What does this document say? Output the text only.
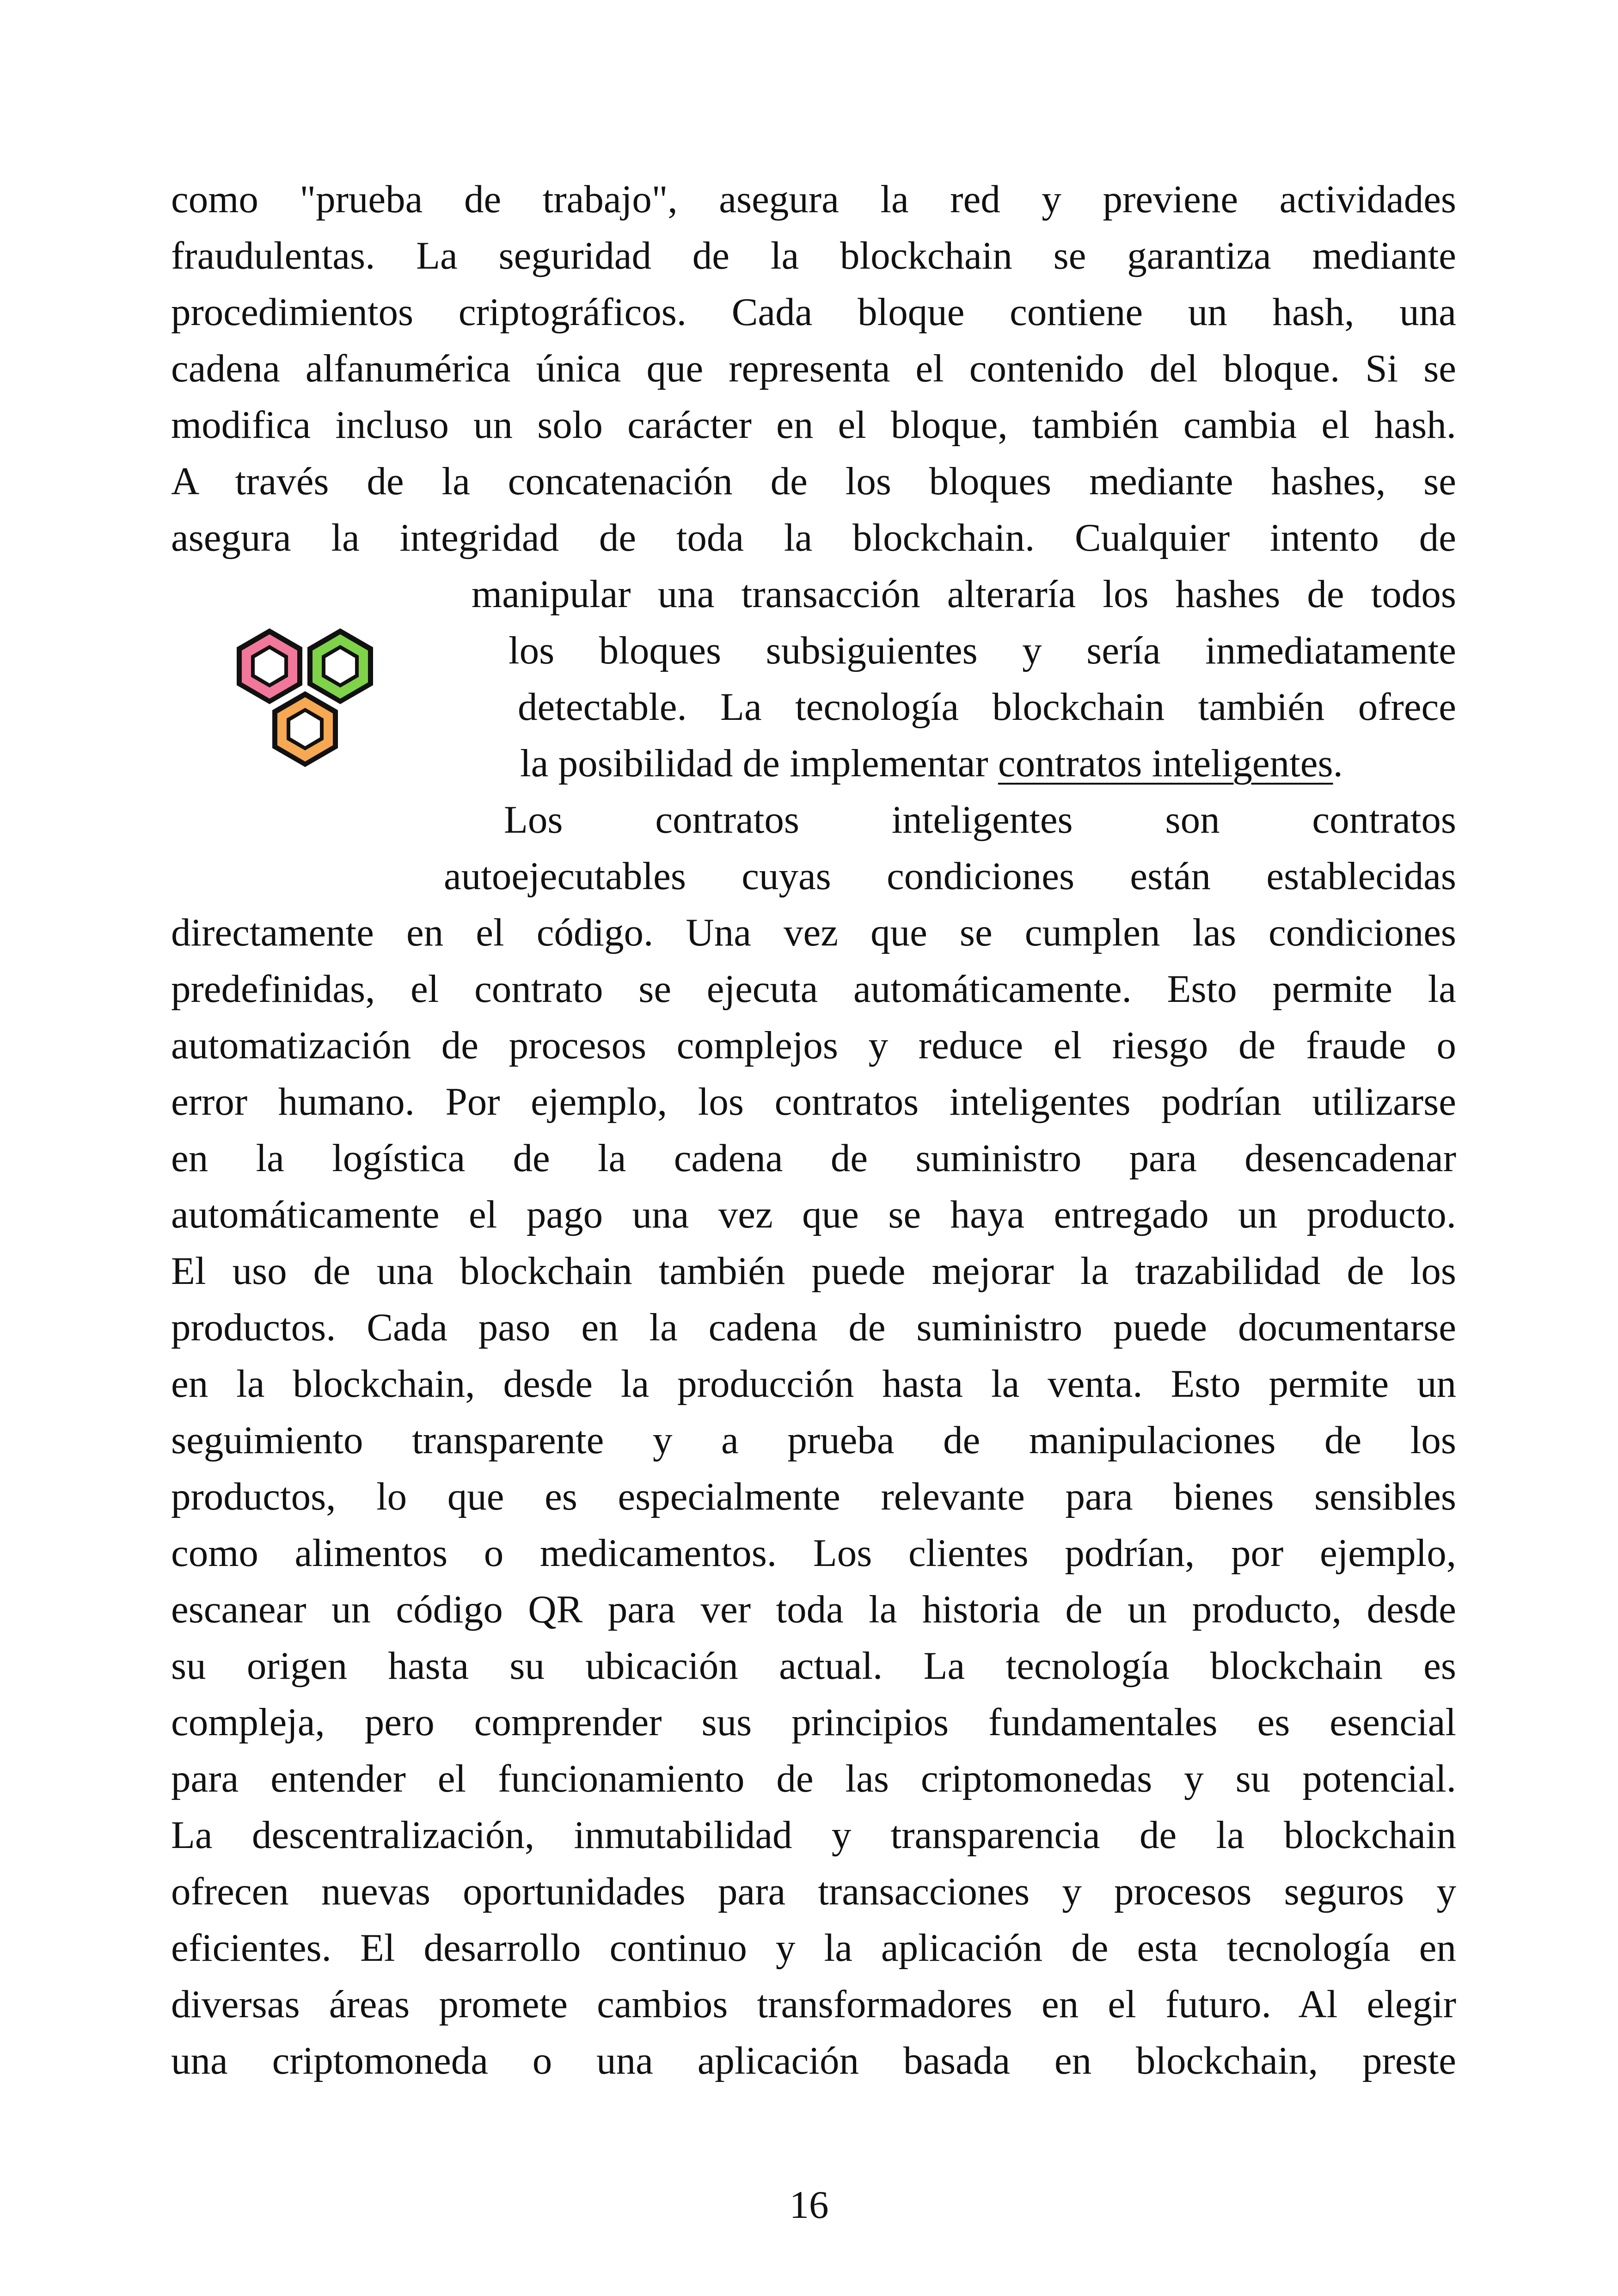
como "prueba de trabajo", asegura la red y previene actividades
fraudulentas. La seguridad de la blockchain se garantiza mediante
procedimientos criptográficos. Cada bloque contiene un hash, una
cadena alfanumérica única que representa el contenido del bloque. Si se
modifica incluso un solo carácter en el bloque, también cambia el hash.
A través de la concatenación de los bloques mediante hashes, se
asegura la integridad de toda la blockchain. Cualquier intento de
manipular una transacción alteraría los hashes de todos
los bloques subsiguientes y sería inmediatamente
detectable. La tecnología blockchain también ofrece
la posibilidad de implementar contratos inteligentes.
Los contratos inteligentes son contratos
autoejecutables cuyas condiciones están establecidas
directamente en el código. Una vez que se cumplen las condiciones
predefinidas, el contrato se ejecuta automáticamente. Esto permite la
automatización de procesos complejos y reduce el riesgo de fraude o
error humano. Por ejemplo, los contratos inteligentes podrían utilizarse
en la logística de la cadena de suministro para desencadenar
automáticamente el pago una vez que se haya entregado un producto.
El uso de una blockchain también puede mejorar la trazabilidad de los
productos. Cada paso en la cadena de suministro puede documentarse
en la blockchain, desde la producción hasta la venta. Esto permite un
seguimiento transparente y a prueba de manipulaciones de los
productos, lo que es especialmente relevante para bienes sensibles
como alimentos o medicamentos. Los clientes podrían, por ejemplo,
escanear un código QR para ver toda la historia de un producto, desde
su origen hasta su ubicación actual. La tecnología blockchain es
compleja, pero comprender sus principios fundamentales es esencial
para entender el funcionamiento de las criptomonedas y su potencial.
La descentralización, inmutabilidad y transparencia de la blockchain
ofrecen nuevas oportunidades para transacciones y procesos seguros y
eficientes. El desarrollo continuo y la aplicación de esta tecnología en
diversas áreas promete cambios transformadores en el futuro. Al elegir
una criptomoneda o una aplicación basada en blockchain, preste
16
